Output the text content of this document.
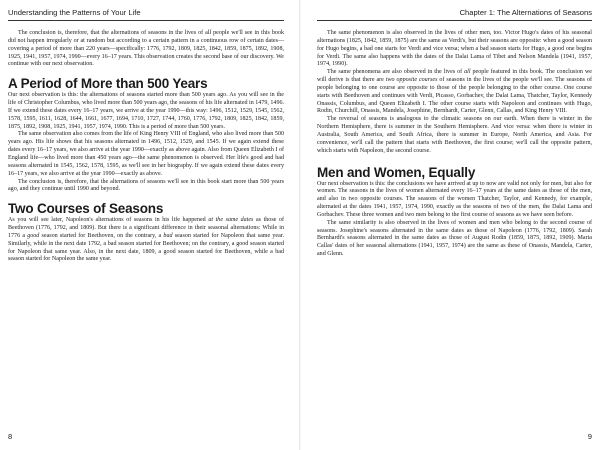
Understanding the Patterns of Your Life

The conclusion is, therefore, that the alternations of seasons in the lives of all people we'll see in this book did not happen irregularly or at random but according to a certain pattern in a continuous row of certain dates—covering a period of more than 220 years—specifically: 1776, 1792, 1809, 1825, 1842, 1859, 1875, 1892, 1908, 1925, 1941, 1957, 1974, 1990—every 16–17 years. This observation creates the second base of our discovery. We continue with our next observation.

A Period of More than 500 Years

Our next observation is this: the alternations of seasons started more than 500 years ago. As you will see in the life of Christopher Columbus, who lived more than 500 years ago, the seasons of his life alternated in 1479, 1496. If we extend these dates every 16–17 years, we arrive at the year 1990—this way: 1496, 1512, 1529, 1545, 1562, 1578, 1595, 1611, 1628, 1644, 1661, 1677, 1694, 1710, 1727, 1744, 1760, 1776, 1792, 1809, 1825, 1842, 1859, 1875, 1892, 1908, 1925, 1941, 1957, 1974, 1990. This is a period of more than 500 years.

The same observation also comes from the life of King Henry VIII of England, who also lived more than 500 years ago. His life shows that his seasons alternated in 1496, 1512, 1529, and 1545. If we again extend these dates every 16–17 years, we also arrive at the year 1990—exactly as above again. Also from Queen Elizabeth I of England life—who lived more than 450 years ago—the same phenomenon is observed. Her life's good and bad seasons alternated in 1545, 1562, 1578, 1595, as we'll see in her biography. If we again extend these dates every 16–17 years, we also arrive at the year 1990—exactly as above.

The conclusion is, therefore, that the alternations of seasons we'll see in this book start more than 500 years ago, and they continue until 1990 and beyond.

Two Courses of Seasons

As you will see later, Napoleon's alternations of seasons in his life happened at the same dates as those of Beethoven (1776, 1792, and 1809). But there is a significant difference in their seasonal alternations: While in 1776 a good season started for Beethoven, on the contrary, a bad season started for Napoleon that same year. Similarly, while in the next date 1792, a bad season started for Beethoven; on the contrary, a good season started for Napoleon that same year. Also, in the next date, 1809, a good season started for Beethoven, while a bad season started for Napoleon the same year.

8
Chapter 1: The Alternations of Seasons

The same phenomenon is also observed in the lives of other men, too. Victor Hugo's dates of his seasonal alternations (1825, 1842, 1859, 1875) are the same as Verdi's, but their seasons are opposite: when a good season for Hugo begins, a bad one starts for Verdi and vice versa; when a bad season starts for Hugo, a good one begins for Verdi. The same also happens with the dates of the Dalai Lama of Tibet and Nelson Mandela (1941, 1957, 1974, 1990).

The same phenomena are also observed in the lives of all people featured in this book. The conclusion we will derive is that there are two opposite courses of seasons in the lives of the people we'll see. The seasons of people belonging to one course are opposite to those of the people belonging to the other course. One course starts with Beethoven and continues with Verdi, Picasso, Gorbachev, the Dalai Lama, Thatcher, Taylor, Kennedy Onassis, Columbus, and Queen Elizabeth I. The other course starts with Napoleon and continues with Hugo, Rodin, Churchill, Onassis, Mandela, Josephine, Bernhardt, Carter, Glenn, Callas, and King Henry VIII.

The reversal of seasons is analogous to the climatic seasons on our earth. When there is winter in the Northern Hemisphere, there is summer in the Southern Hemisphere. And vice versa: when there is winter in Australia, South America, and South Africa, there is summer in Europe, North America, and Asia. For convenience, we'll call the pattern that starts with Beethoven, the first course; we'll call the opposite pattern, which starts with Napoleon, the second course.

Men and Women, Equally

Our next observation is this: the conclusions we have arrived at up to now are valid not only for men, but also for women. The seasons in the lives of women alternated every 16–17 years at the same dates as those of the men, and also in two opposite courses. The seasons of the women Thatcher, Taylor, and Kennedy, for example, alternated at the dates 1941, 1957, 1974, 1990, exactly as the seasons of two of the men, the Dalai Lama and Gorbachev. These three women and two men belong to the first course of seasons as we have seen before.

The same similarity is also observed in the lives of women and men who belong to the second course of seasons. Josephine's seasons alternated in the same dates as those of Napoleon (1776, 1792, 1809). Sarah Bernhardt's seasons alternated in the same dates as those of August Rodin (1859, 1875, 1892, 1909). Maria Callas' dates of her seasonal alternations (1941, 1957, 1974) are the same as these of Onassis, Mandela, Carter, and Glenn.

9
